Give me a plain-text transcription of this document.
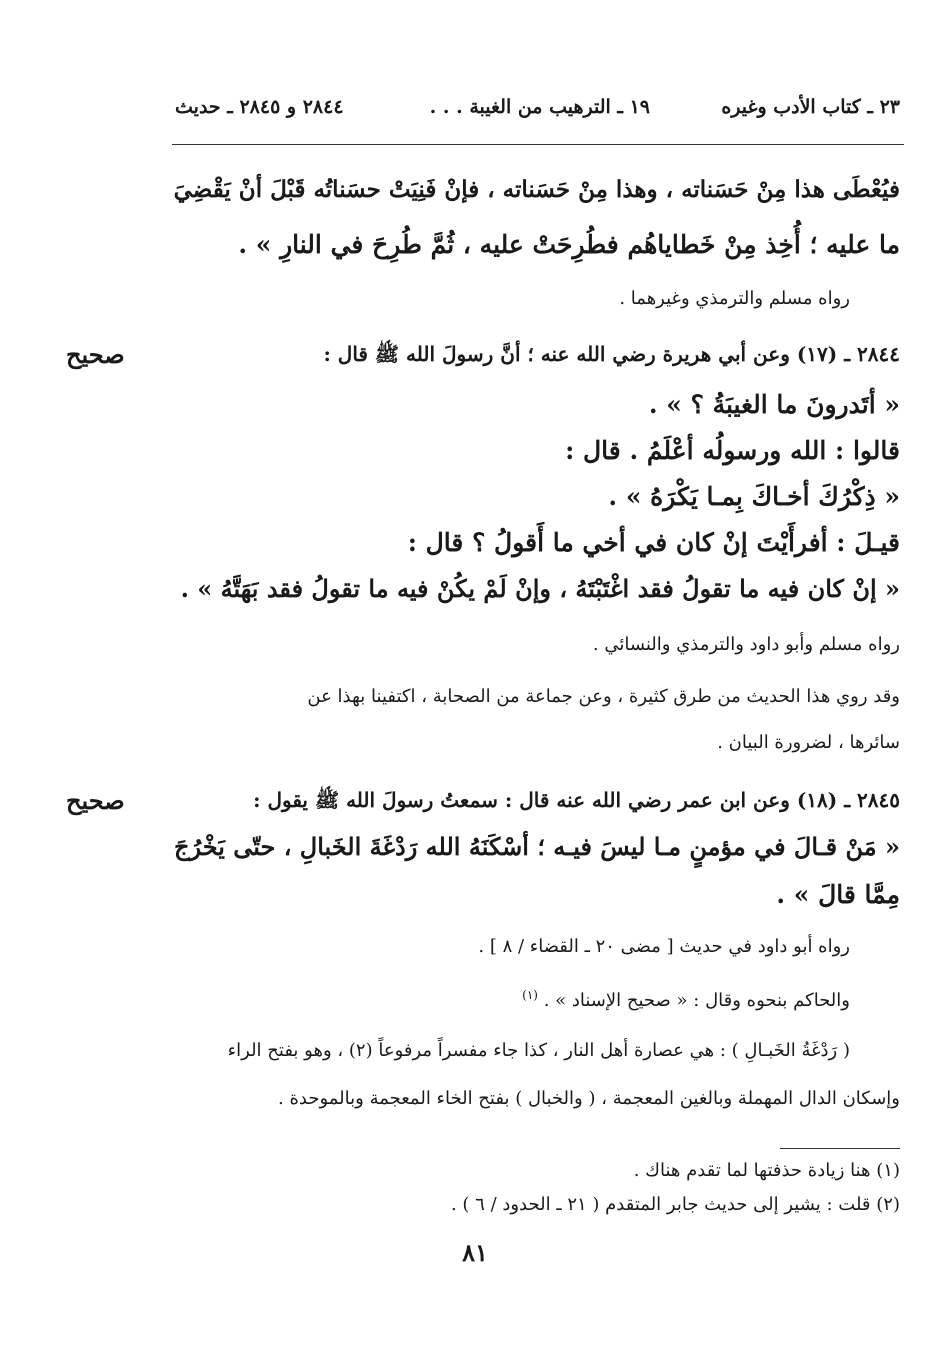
٢٣ ـ كتاب الأدب وغيره
١٩ ـ الترهيب من الغيبة . . .
٢٨٤٤ و ٢٨٤٥ ـ حديث
فيُعْطَى هذا مِنْ حَسَناته ، وهذا مِنْ حَسَناته ، فإنْ فَنِيَتْ حسَناتُه قَبْلَ أنْ يَقْضِيَ
ما عليه ؛ أُخِذ مِنْ خَطاياهُم فطُرِحَتْ عليه ، ثُمَّ طُرِحَ في النارِ » .
رواه مسلم والترمذي وغيرهما .
صحيح	٢٨٤٤ ـ (١٧) وعن أبي هريرة رضي الله عنه ؛ أنَّ رسولَ الله ﷺ قال :
« أتَدرونَ ما الغيبَةُ ؟ » .
قالوا : الله ورسولُه أعْلَمُ . قال :
« ذِكْرُكَ أخـاكَ بِمـا يَكْرَهُ » .
قيـلَ : أفرأَيْتَ إنْ كان في أخي ما أَقولُ ؟ قال :
« إنْ كان فيه ما تقولُ فقد اغْتَبْتَهُ ، وإنْ لَمْ يكُنْ فيه ما تقولُ فقد بَهَتَّهُ » .
رواه مسلم وأبو داود والترمذي والنسائي .
وقد روي هذا الحديث من طرق كثيرة ، وعن جماعة من الصحابة ، اكتفينا بهذا عن
سائرها ، لضرورة البيان .
صحيح	٢٨٤٥ ـ (١٨) وعن ابن عمر رضي الله عنه قال : سمعتُ رسولَ الله ﷺ يقول :
« مَنْ قـالَ في مؤمنٍ مـا ليسَ فيـه ؛ أسْكَنَهُ الله رَدْغَةَ الخَبالِ ، حتّى يَخْرُجَ
مِمَّا قالَ » .
رواه أبو داود في حديث [ مضى ٢٠ ـ القضاء / ٨ ] .
والحاكم بنحوه وقال : « صحيح الإسناد » . $^{(١)}$
( رَدْغَةُ الخَبـالِ ) : هي عصارة أهل النار ، كذا جاء مفسراً مرفوعاً (٢) ، وهو بفتح الراء
وإسكان الدال المهملة وبالغين المعجمة ، ( والخبال ) بفتح الخاء المعجمة وبالموحدة .
(١) هنا زيادة حذفتها لما تقدم هناك .
(٢) قلت : يشير إلى حديث جابر المتقدم ( ٢١ ـ الحدود / ٦ ) .
٨١
